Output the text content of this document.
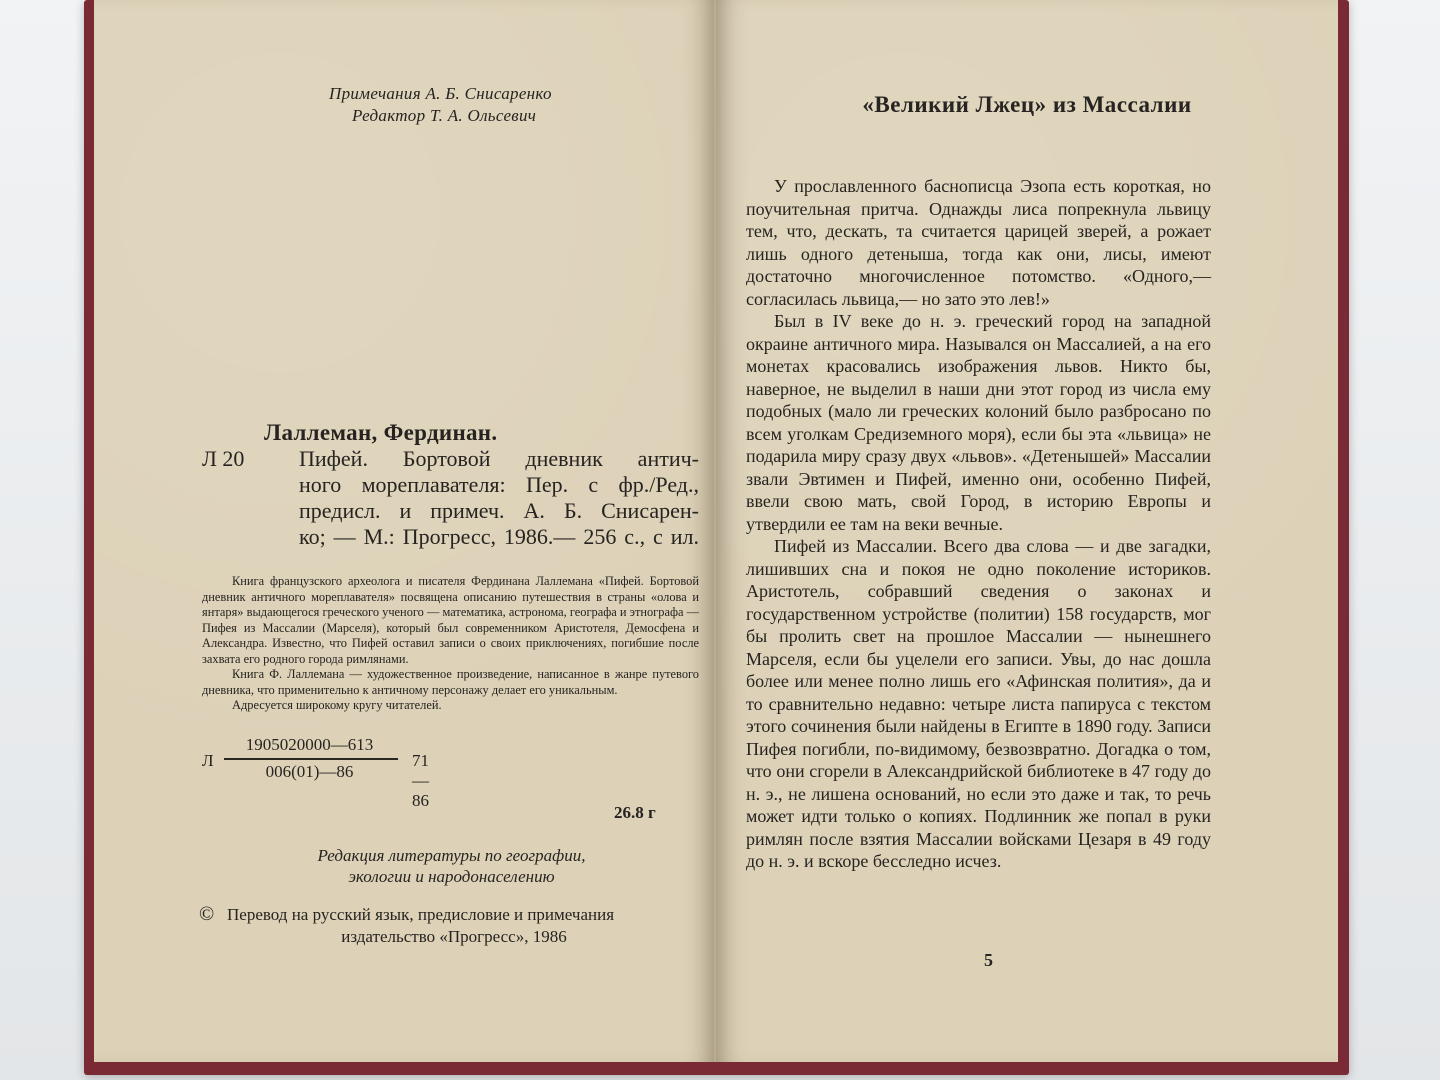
Примечания А. Б. Снисаренко
Редактор Т. А. Ольсевич
Лаллеман, Фердинан.
Л 20 Пифей. Бортовой дневник антич-
ного мореплавателя: Пер. с фр./Ред.,
предисл. и примеч. А. Б. Снисарен-
ко; — М.: Прогресс, 1986.— 256 с., с ил.

Книга французского археолога и писателя Фердинана Лаллемана «Пифей. Бортовой дневник античного мореплавателя» посвящена описанию путешествия в страны «олова и янтаря» выдающегося греческого ученого — математика, астронома, географа и этнографа — Пифея из Массалии (Марселя), который был современником Аристотеля, Демосфена и Александра. Известно, что Пифей оставил записи о своих приключениях, погибшие после захвата его родного города римлянами.

Книга Ф. Лаллемана — художественное произведение, написанное в жанре путевого дневника, что применительно к античному персонажу делает его уникальным.

Адресуется широкому кругу читателей.

Л
1905020000—613
006(01)—86
71—86
26.8 г
Редакция литературы по географии,
экологии и народонаселению
© Перевод на русский язык, предисловие и примечания
издательство «Прогресс», 1986
«Великий Лжец» из Массалии

У прославленного баснописца Эзопа есть короткая, но поучительная притча. Однажды лиса попрекнула львицу тем, что, дескать, та считается царицей зверей, а рожает лишь одного детеныша, тогда как они, лисы, имеют достаточно многочисленное потомство. «Одного,— согласилась львица,— но зато это лев!»

Был в IV веке до н. э. греческий город на западной окраине античного мира. Назывался он Массалией, а на его монетах красовались изображения львов. Никто бы, наверное, не выделил в наши дни этот город из числа ему подобных (мало ли греческих колоний было разбросано по всем уголкам Средиземного моря), если бы эта «львица» не подарила миру сразу двух «львов». «Детенышей» Массалии звали Эвтимен и Пифей, именно они, особенно Пифей, ввели свою мать, свой Город, в историю Европы и утвердили ее там на веки вечные.

Пифей из Массалии. Всего два слова — и две загадки, лишивших сна и покоя не одно поколение историков. Аристотель, собравший сведения о законах и государственном устройстве (политии) 158 государств, мог бы пролить свет на прошлое Массалии — нынешнего Марселя, если бы уцелели его записи. Увы, до нас дошла более или менее полно лишь его «Афинская полития», да и то сравнительно недавно: четыре листа папируса с текстом этого сочинения были найдены в Египте в 1890 году. Записи Пифея погибли, по-видимому, безвозвратно. Догадка о том, что они сгорели в Александрийской библиотеке в 47 году до н. э., не лишена оснований, но если это даже и так, то речь может идти только о копиях. Подлинник же попал в руки римлян после взятия Массалии войсками Цезаря в 49 году до н. э. и вскоре бесследно исчез.

5
